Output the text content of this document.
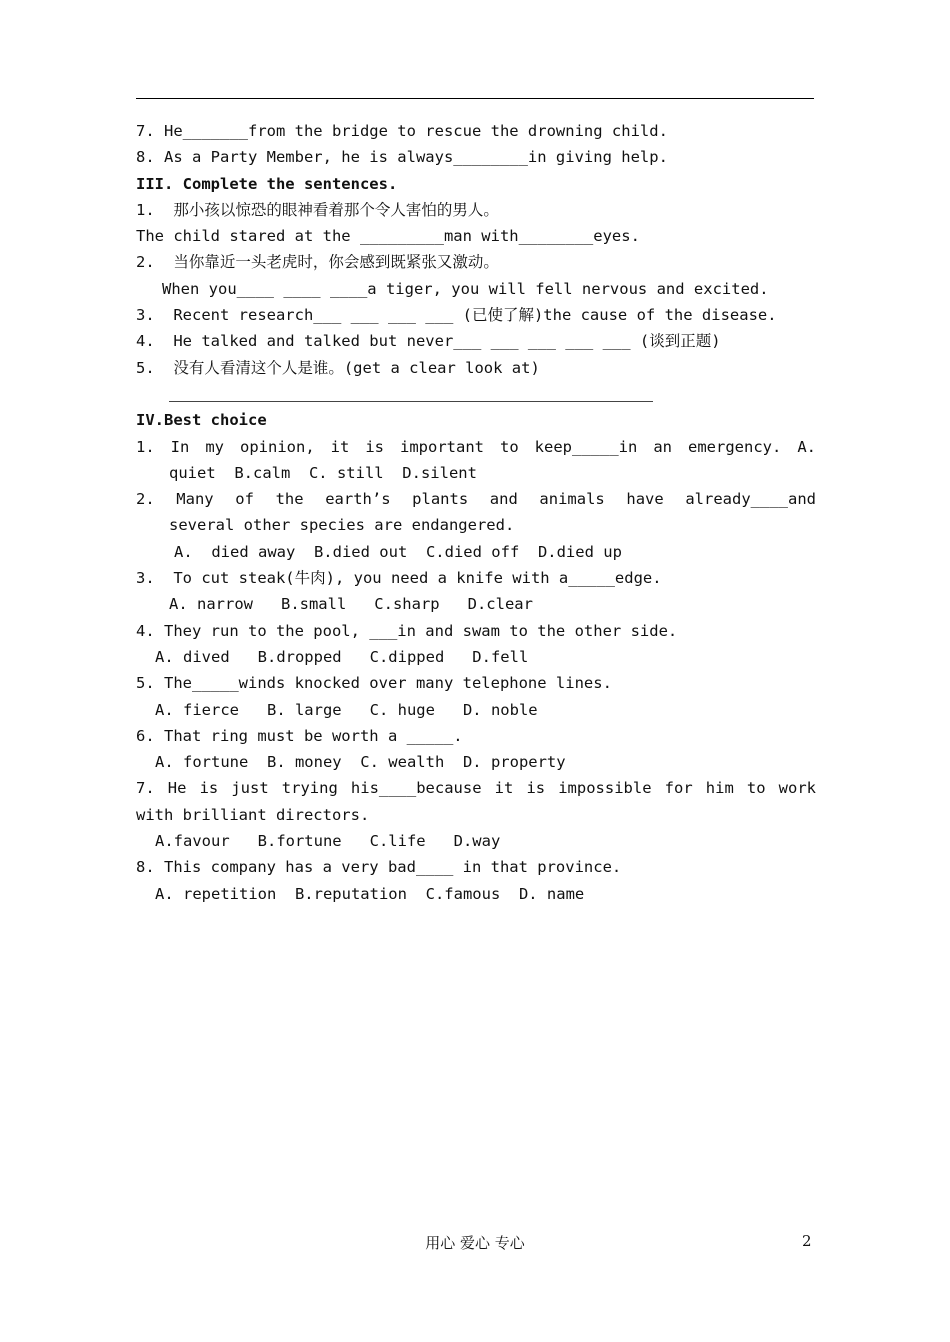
7. He_______from the bridge to rescue the drowning child.
8. As a Party Member, he is always________in giving help.
III. Complete the sentences.
1.  那小孩以惊恐的眼神看着那个令人害怕的男人。
The child stared at the _________man with________eyes.
2.  当你靠近一头老虎时，你会感到既紧张又激动。
When you____ ____ ____a tiger, you will fell nervous and excited.
3.  Recent research___ ___ ___ ___ (已使了解)the cause of the disease.
4.  He talked and talked but never___ ___ ___ ___ ___ (谈到正题)
5.  没有人看清这个人是谁。(get a clear look at)
IV.Best choice
1. In my opinion, it is important to keep_____in an emergency. A.
quiet  B.calm  C. still  D.silent
2. Many of the earth’s plants and animals have already____and
several other species are endangered.
A.  died away  B.died out  C.died off  D.died up
3.  To cut steak(牛肉), you need a knife with a_____edge.
A. narrow   B.small   C.sharp   D.clear
4. They run to the pool, ___in and swam to the other side.
A. dived   B.dropped   C.dipped   D.fell
5. The_____winds knocked over many telephone lines.
A. fierce   B. large   C. huge   D. noble
6. That ring must be worth a _____.
A. fortune  B. money  C. wealth  D. property
7. He is just trying his____because it is impossible for him to work
with brilliant directors.
A.favour   B.fortune   C.life   D.way
8. This company has a very bad____ in that province.
A. repetition  B.reputation  C.famous  D. name
用心 爱心 专心	2
